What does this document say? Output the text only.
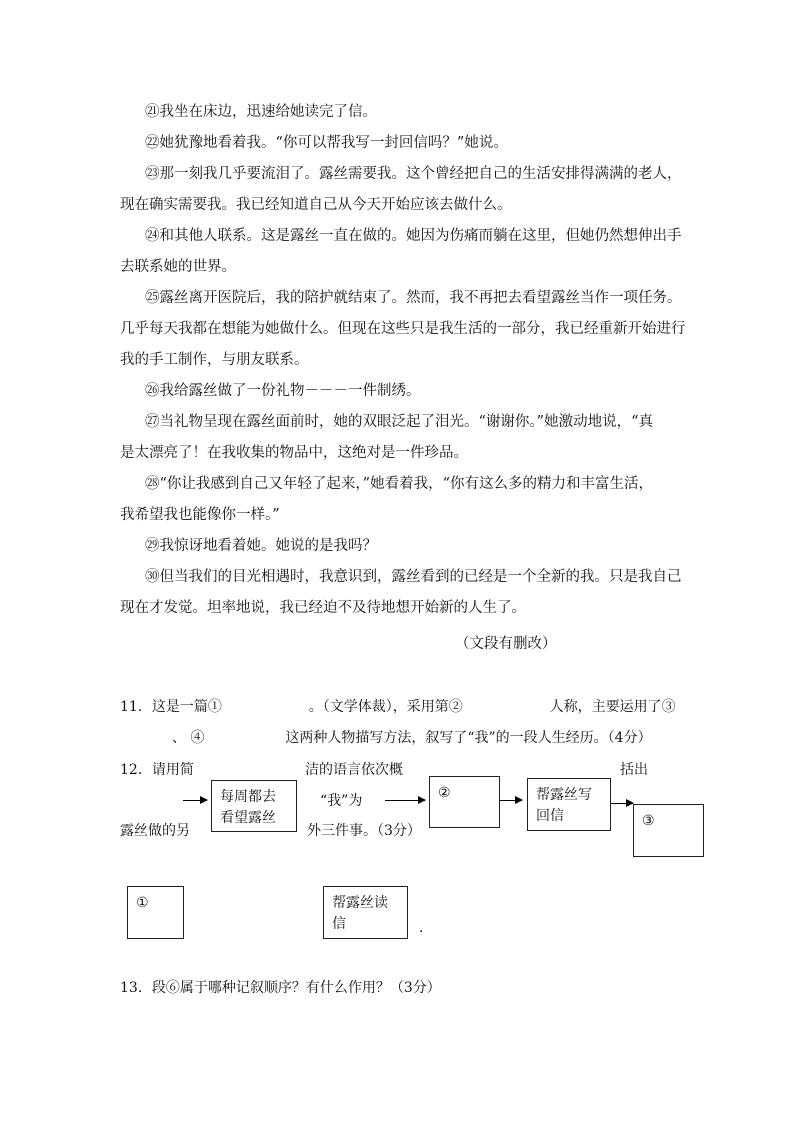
㉑我坐在床边，迅速给她读完了信。
㉒她犹豫地看着我。“你可以帮我写一封回信吗？”她说。
㉓那一刻我几乎要流泪了。露丝需要我。这个曾经把自己的生活安排得满满的老人，
现在确实需要我。我已经知道自己从今天开始应该去做什么。
㉔和其他人联系。这是露丝一直在做的。她因为伤痛而躺在这里，但她仍然想伸出手
去联系她的世界。
㉕露丝离开医院后，我的陪护就结束了。然而，我不再把去看望露丝当作一项任务。
几乎每天我都在想能为她做什么。但现在这些只是我生活的一部分，我已经重新开始进行
我的手工制作，与朋友联系。
㉖我给露丝做了一份礼物－－－一件制绣。
㉗当礼物呈现在露丝面前时，她的双眼泛起了泪光。“谢谢你。”她激动地说，“真
是太漂亮了！在我收集的物品中，这绝对是一件珍品。
㉘“你让我感到自己又年轻了起来，”她看着我，“你有这么多的精力和丰富生活，
我希望我也能像你一样。”
㉙我惊讶地看着她。她说的是我吗？
㉚但当我们的目光相遇时，我意识到，露丝看到的已经是一个全新的我。只是我自己
现在才发觉。坦率地说，我已经迫不及待地想开始新的人生了。
（文段有删改）
11．这是一篇①	。（文学体裁），采用第②	人称，主要运用了③
、 ④	这两种人物描写方法，叙写了“我”的一段人生经历。（4分）
12．请用简	洁的语言依次概	括出
露丝做的另
“我”为
外三件事。（3分）
每周都去看望露丝
②	帮露丝写回信	③
①	帮露丝读信	.
13．段⑥属于哪种记叙顺序？有什么作用？（3分）
